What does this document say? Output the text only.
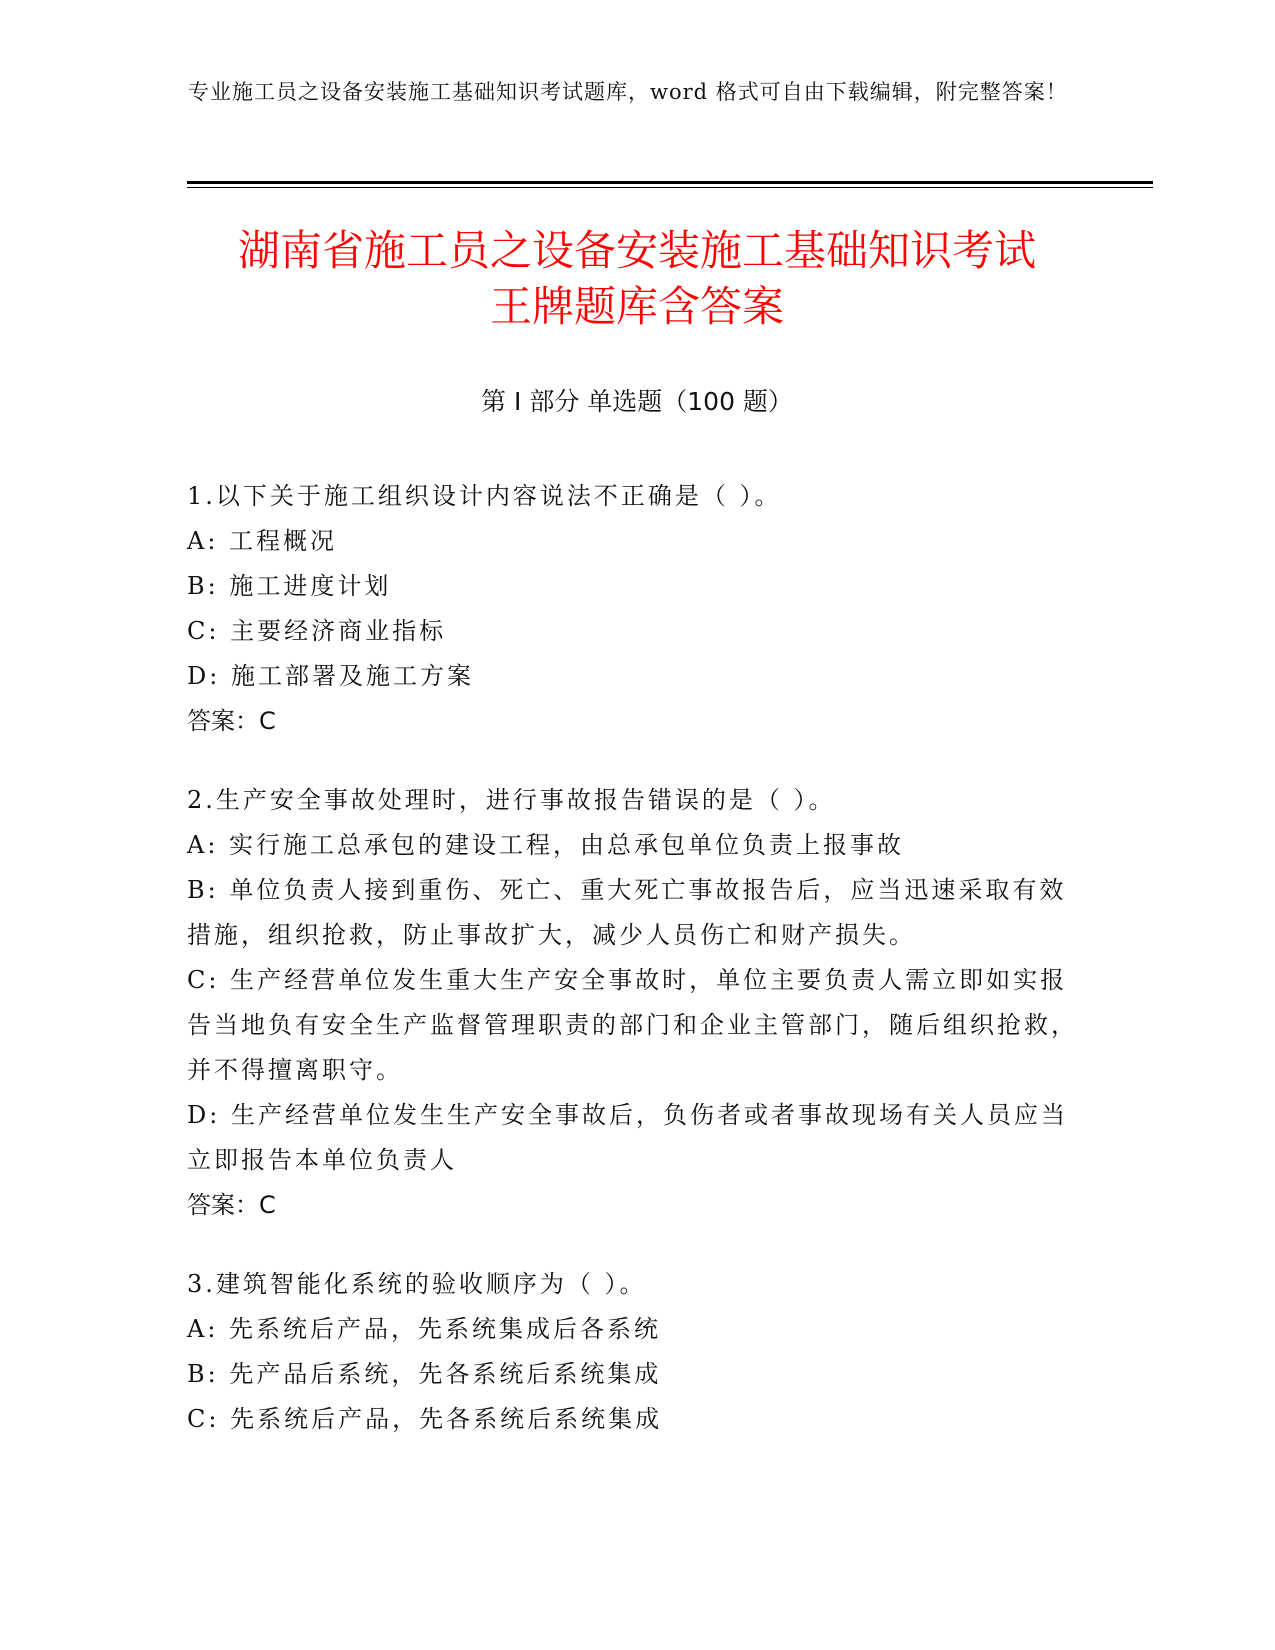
专业施工员之设备安装施工基础知识考试题库，word 格式可自由下载编辑，附完整答案！
湖南省施工员之设备安装施工基础知识考试
王牌题库含答案
第 I 部分 单选题（100 题）
1.以下关于施工组织设计内容说法不正确是（ ）。
A: 工程概况
B: 施工进度计划
C: 主要经济商业指标
D: 施工部署及施工方案
答案：C
2.生产安全事故处理时，进行事故报告错误的是（ ）。
A: 实行施工总承包的建设工程，由总承包单位负责上报事故
B: 单位负责人接到重伤、死亡、重大死亡事故报告后，应当迅速采取有效措施，组织抢救，防止事故扩大，减少人员伤亡和财产损失。
C: 生产经营单位发生重大生产安全事故时，单位主要负责人需立即如实报告当地负有安全生产监督管理职责的部门和企业主管部门，随后组织抢救，并不得擅离职守。
D: 生产经营单位发生生产安全事故后，负伤者或者事故现场有关人员应当立即报告本单位负责人
答案：C
3.建筑智能化系统的验收顺序为（ ）。
A: 先系统后产品，先系统集成后各系统
B: 先产品后系统，先各系统后系统集成
C: 先系统后产品，先各系统后系统集成
